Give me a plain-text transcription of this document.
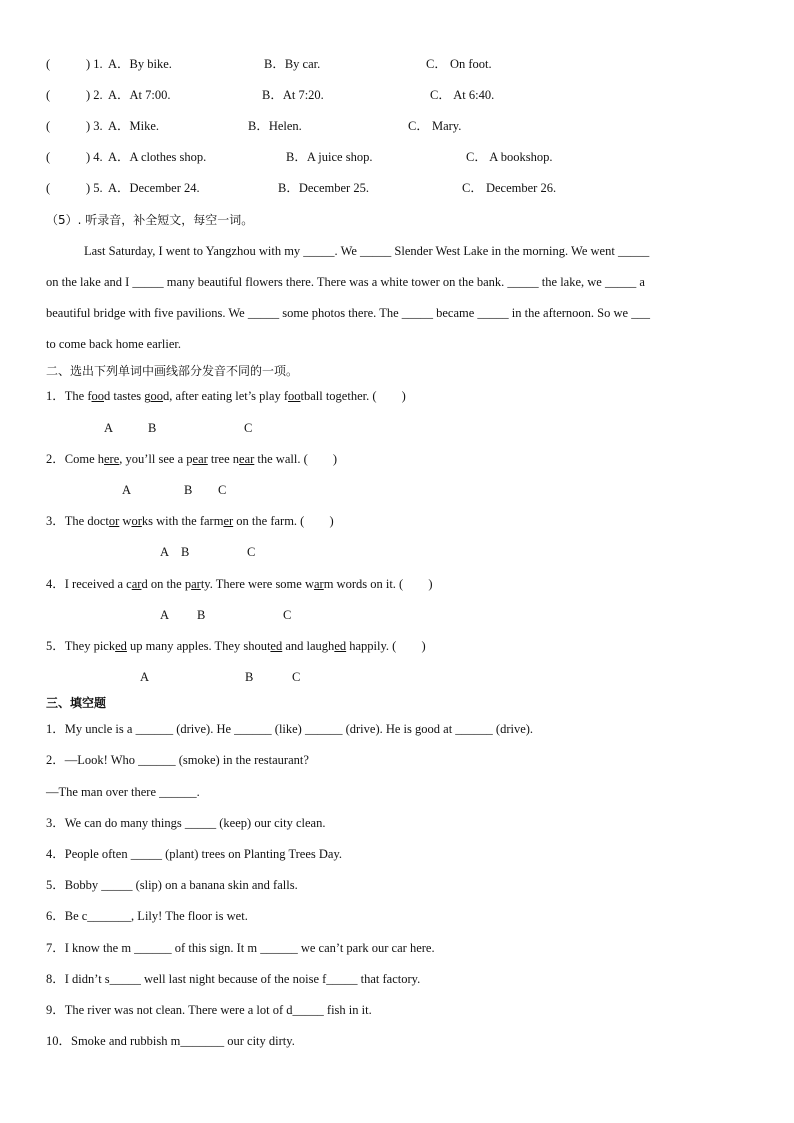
(	) 1. A．By bike.	B．By car.	C． On foot.
(	) 2. A．At 7:00.	B．At 7:20.	C． At 6:40.
(	) 3. A．Mike.	B．Helen.	C． Mary.
(	) 4. A．A clothes shop.	B．A juice shop.	C． A bookshop.
(	) 5. A．December 24.	B．December 25.	C． December 26.
（5）. 听录音，补全短文，每空一词。
Last Saturday, I went to Yangzhou with my _____. We _____ Slender West Lake in the morning. We went _____
on the lake and I _____ many beautiful flowers there. There was a white tower on the bank. _____ the lake, we _____ a
beautiful bridge with five pavilions. We _____ some photos there. The _____ became _____ in the afternoon. So we ___
to come back home earlier.
二、选出下列单词中画线部分发音不同的一项。
1．The food tastes good, after eating let’s play football together. ( )
A	B	C
2．Come here, you’ll see a pear tree near the wall. ( )
A	B C
3．The doctor works with the farmer on the farm. ( )
A B	C
4．I received a card on the party. There were some warm words on it. ( )
A B	C
5．They picked up many apples. They shouted and laughed happily. ( )
A	B	C
三、填空题
1．My uncle is a ______ (drive). He ______ (like) ______ (drive). He is good at ______ (drive).
2．—Look! Who ______ (smoke) in the restaurant?
—The man over there ______.
3．We can do many things _____ (keep) our city clean.
4．People often _____ (plant) trees on Planting Trees Day.
5．Bobby _____ (slip) on a banana skin and falls.
6．Be c_______, Lily! The floor is wet.
7．I know the m ______ of this sign. It m ______ we can’t park our car here.
8．I didn’t s_____ well last night because of the noise f_____ that factory.
9．The river was not clean. There were a lot of d_____ fish in it.
10．Smoke and rubbish m_______ our city dirty.
